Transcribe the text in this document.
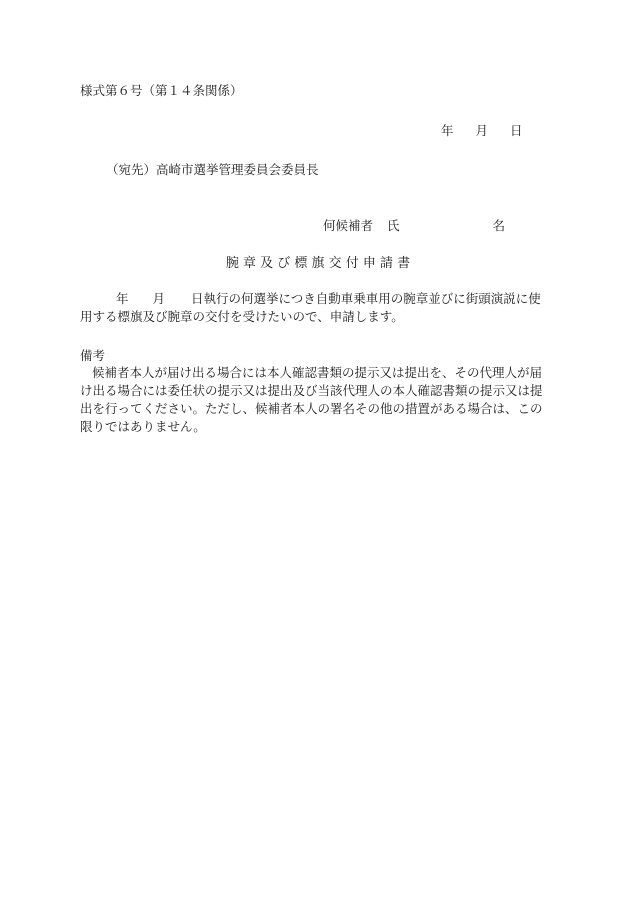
様式第６号（第１４条関係）
年 月 日
（宛先）高崎市選挙管理委員会委員長
何候補者 氏	名
腕 章 及 び 標 旗 交 付 申 請 書
年 月 日執行の何選挙につき自動車乗車用の腕章並びに街頭演説に使用する標旗及び腕章の交付を受けたいので、申請します。
備考
候補者本人が届け出る場合には本人確認書類の提示又は提出を、その代理人が届け出る場合には委任状の提示又は提出及び当該代理人の本人確認書類の提示又は提出を行ってください。ただし、候補者本人の署名その他の措置がある場合は、この限りではありません。
